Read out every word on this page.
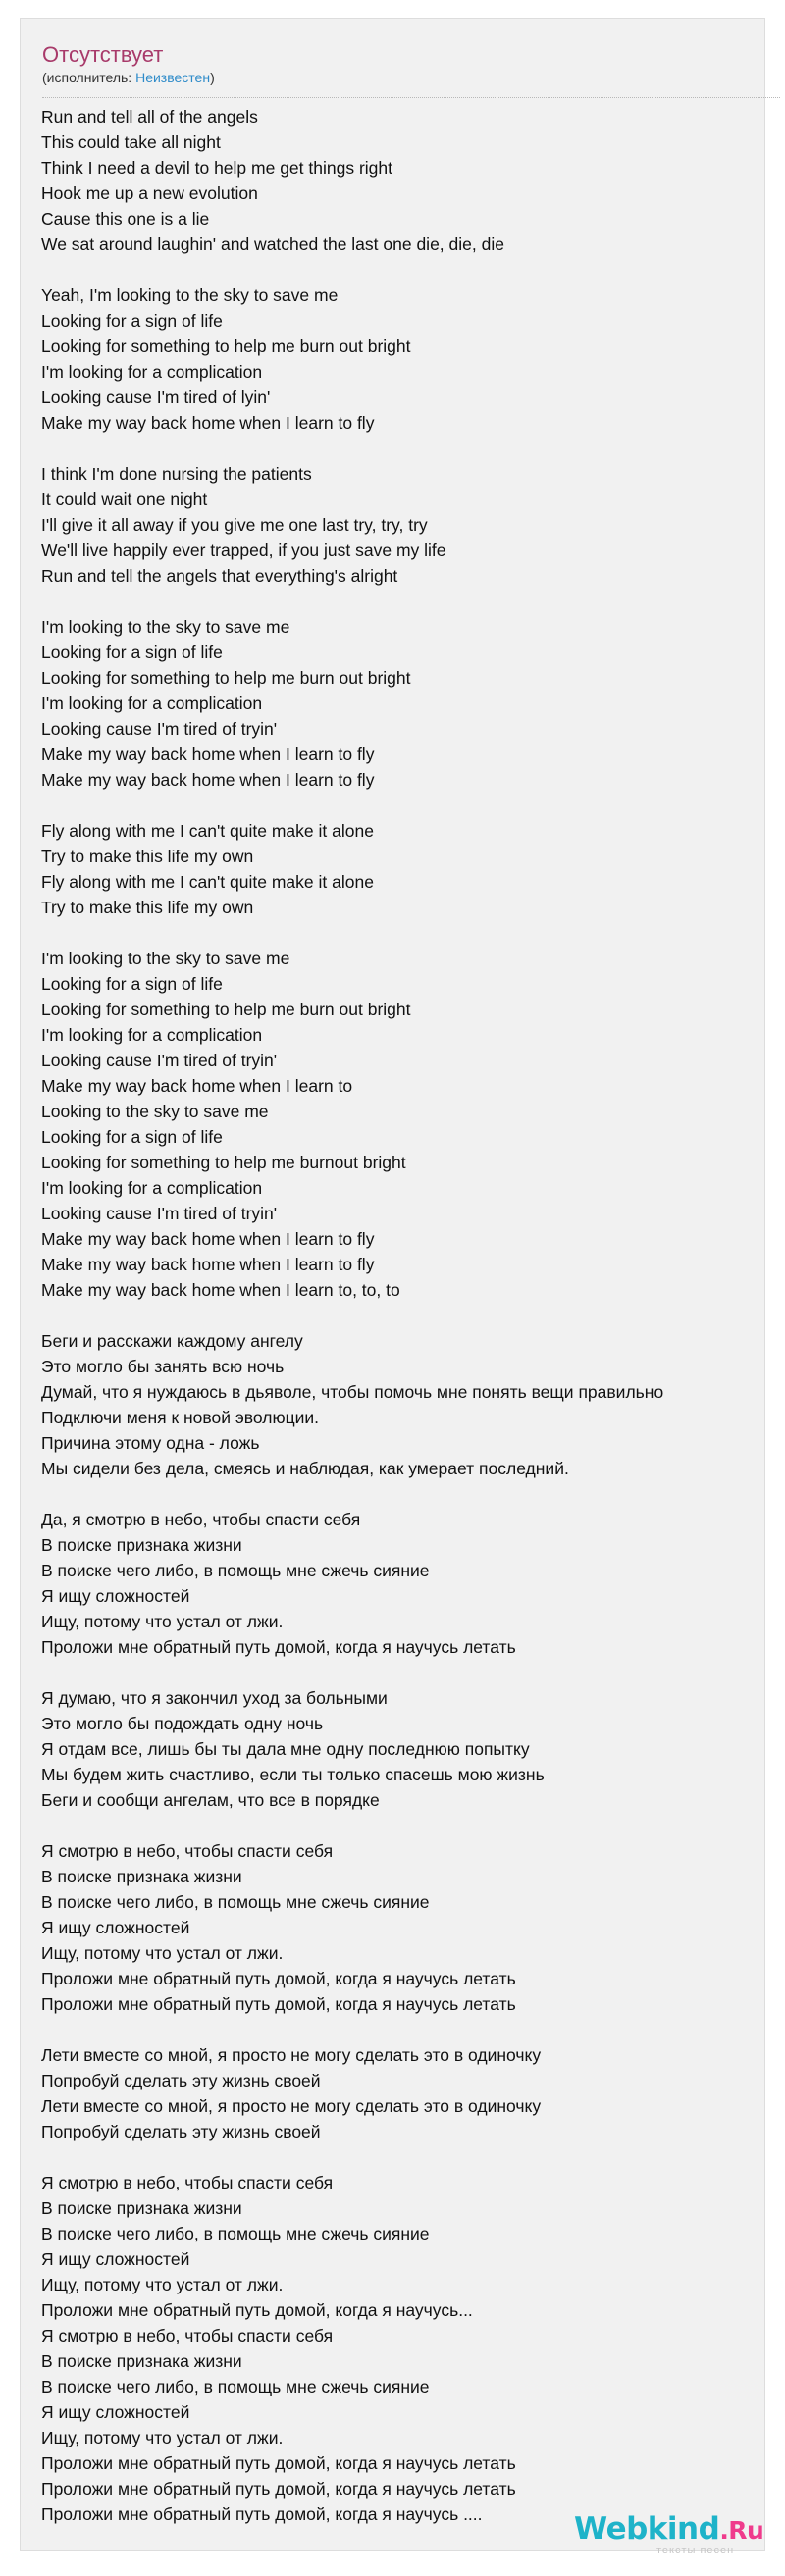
Отсутствует
(исполнитель: Неизвестен)
Run and tell all of the angels
This could take all night
Think I need a devil to help me get things right
Hook me up a new evolution
Cause this one is a lie
We sat around laughin' and watched the last one die, die, die
Yeah, I'm looking to the sky to save me
Looking for a sign of life
Looking for something to help me burn out bright
I'm looking for a complication
Looking cause I'm tired of lyin'
Make my way back home when I learn to fly
I think I'm done nursing the patients
It could wait one night
I'll give it all away if you give me one last try, try, try
We'll live happily ever trapped, if you just save my life
Run and tell the angels that everything's alright
I'm looking to the sky to save me
Looking for a sign of life
Looking for something to help me burn out bright
I'm looking for a complication
Looking cause I'm tired of tryin'
Make my way back home when I learn to fly
Make my way back home when I learn to fly
Fly along with me I can't quite make it alone
Try to make this life my own
Fly along with me I can't quite make it alone
Try to make this life my own
I'm looking to the sky to save me
Looking for a sign of life
Looking for something to help me burn out bright
I'm looking for a complication
Looking cause I'm tired of tryin'
Make my way back home when I learn to
Looking to the sky to save me
Looking for a sign of life
Looking for something to help me burnout bright
I'm looking for a complication
Looking cause I'm tired of tryin'
Make my way back home when I learn to fly
Make my way back home when I learn to fly
Make my way back home when I learn to, to, to
Беги и расскажи каждому ангелу
Это могло бы занять всю ночь
Думай, что я нуждаюсь в дьяволе, чтобы помочь мне понять вещи правильно
Подключи меня к новой эволюции.
Причина этому одна - ложь
Мы сидели без дела, смеясь и наблюдая, как умерает последний.
Да, я смотрю в небо, чтобы спасти себя
В поиске признака жизни
В поиске чего либо, в помощь мне сжечь сияние
Я ищу сложностей
Ищу, потому что устал от лжи.
Проложи мне обратный путь домой, когда я научусь летать
Я думаю, что я закончил уход за больными
Это могло бы подождать одну ночь
Я отдам все, лишь бы ты дала мне одну последнюю попытку
Мы будем жить счастливо, если ты только спасешь мою жизнь
Беги и сообщи ангелам, что все в порядке
Я смотрю в небо, чтобы спасти себя
В поиске признака жизни
В поиске чего либо, в помощь мне сжечь сияние
Я ищу сложностей
Ищу, потому что устал от лжи.
Проложи мне обратный путь домой, когда я научусь летать
Проложи мне обратный путь домой, когда я научусь летать
Лети вместе со мной, я просто не могу сделать это в одиночку
Попробуй сделать эту жизнь своей
Лети вместе со мной, я просто не могу сделать это в одиночку
Попробуй сделать эту жизнь своей
Я смотрю в небо, чтобы спасти себя
В поиске признака жизни
В поиске чего либо, в помощь мне сжечь сияние
Я ищу сложностей
Ищу, потому что устал от лжи.
Проложи мне обратный путь домой, когда я научусь...
Я смотрю в небо, чтобы спасти себя
В поиске признака жизни
В поиске чего либо, в помощь мне сжечь сияние
Я ищу сложностей
Ищу, потому что устал от лжи.
Проложи мне обратный путь домой, когда я научусь летать
Проложи мне обратный путь домой, когда я научусь летать
Проложи мне обратный путь домой, когда я научусь ....	Webkind.Ru
тексты песен
